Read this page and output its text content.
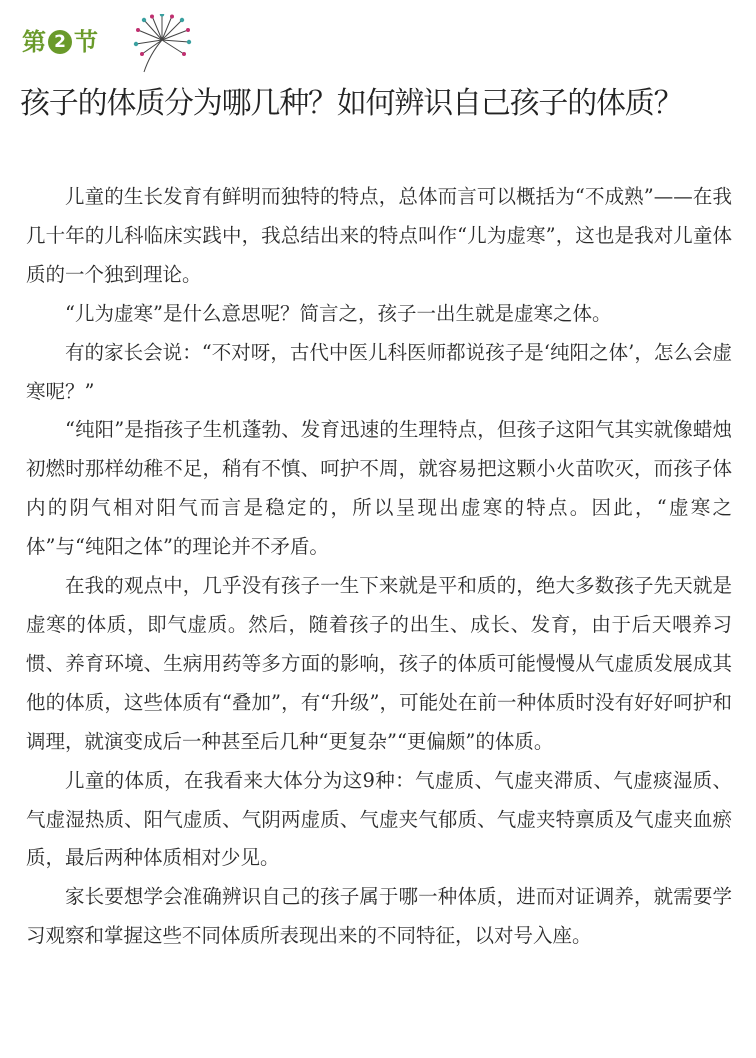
第 2 节
孩子的体质分为哪几种？如何辨识自己孩子的体质？

儿童的生长发育有鲜明而独特的特点，总体而言可以概括为“不成熟”——在我几十年的儿科临床实践中，我总结出来的特点叫作“儿为虚寒”，这也是我对儿童体质的一个独到理论。

“儿为虚寒”是什么意思呢？简言之，孩子一出生就是虚寒之体。

有的家长会说：“不对呀，古代中医儿科医师都说孩子是‘纯阳之体’，怎么会虚寒呢？”

“纯阳”是指孩子生机蓬勃、发育迅速的生理特点，但孩子这阳气其实就像蜡烛初燃时那样幼稚不足，稍有不慎、呵护不周，就容易把这颗小火苗吹灭，而孩子体内的阴气相对阳气而言是稳定的，所以呈现出虚寒的特点。因此，“虚寒之体”与“纯阳之体”的理论并不矛盾。

在我的观点中，几乎没有孩子一生下来就是平和质的，绝大多数孩子先天就是虚寒的体质，即气虚质。然后，随着孩子的出生、成长、发育，由于后天喂养习惯、养育环境、生病用药等多方面的影响，孩子的体质可能慢慢从气虚质发展成其他的体质，这些体质有“叠加”，有“升级”，可能处在前一种体质时没有好好呵护和调理，就演变成后一种甚至后几种“更复杂”“更偏颇”的体质。

儿童的体质，在我看来大体分为这9种：气虚质、气虚夹滞质、气虚痰湿质、气虚湿热质、阳气虚质、气阴两虚质、气虚夹气郁质、气虚夹特禀质及气虚夹血瘀质，最后两种体质相对少见。

家长要想学会准确辨识自己的孩子属于哪一种体质，进而对证调养，就需要学习观察和掌握这些不同体质所表现出来的不同特征，以对号入座。
